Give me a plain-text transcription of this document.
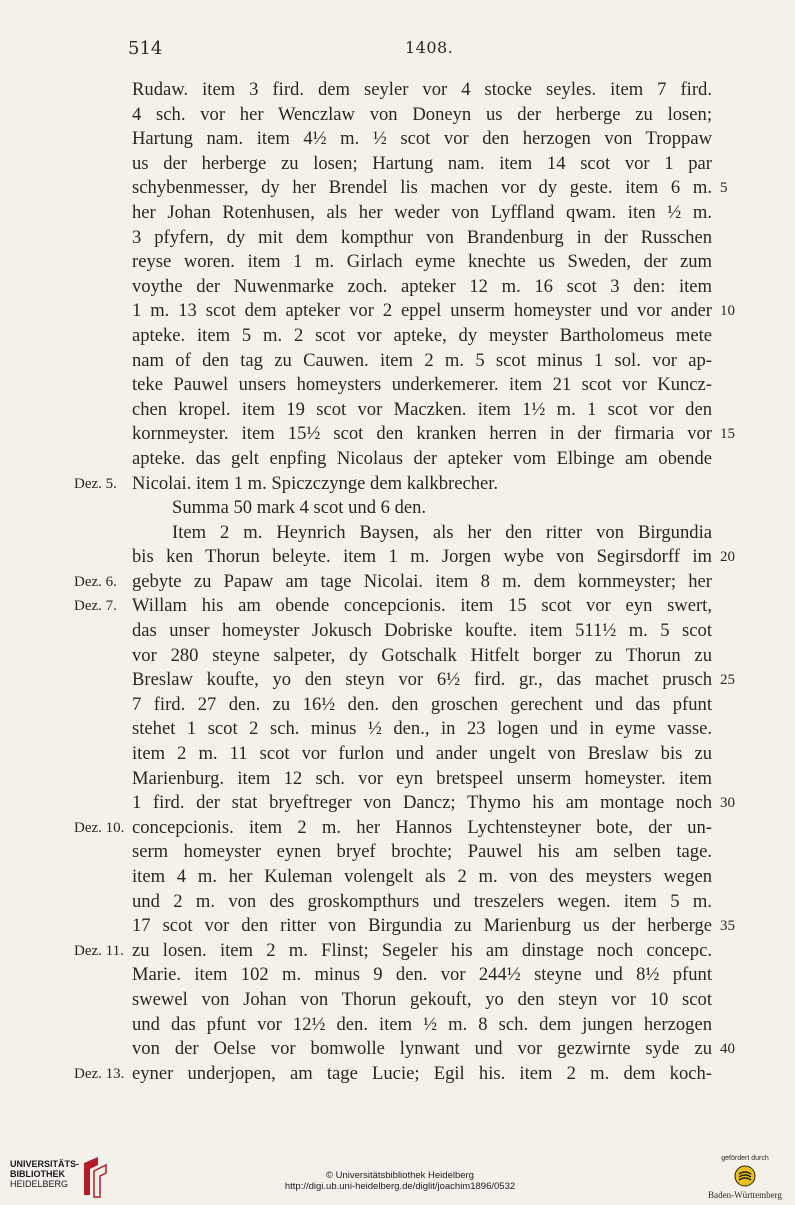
514	1408.
Rudaw. item 3 fird. dem seyler vor 4 stocke seyles. item 7 fird.
4 sch. vor her Wenczlaw von Doneyn us der herberge zu losen;
Hartung nam. item 4½ m. ½ scot vor den herzogen von Troppaw
us der herberge zu losen; Hartung nam. item 14 scot vor 1 par
schybenmesser, dy her Brendel lis machen vor dy geste. item 6 m. 5
her Johan Rotenhusen, als her weder von Lyffland qwam. iten ½ m.
3 pfyfern, dy mit dem kompthur von Brandenburg in der Russchen
reyse woren. item 1 m. Girlach eyme knechte us Sweden, der zum
voythe der Nuwenmarke zoch. apteker 12 m. 16 scot 3 den: item
1 m. 13 scot dem apteker vor 2 eppel unserm homeyster und vor ander 10
apteke. item 5 m. 2 scot vor apteke, dy meyster Bartholomeus mete
nam of den tag zu Cauwen. item 2 m. 5 scot minus 1 sol. vor ap-
teke Pauwel unsers homeysters underkemerer. item 21 scot vor Kuncz-
chen kropel. item 19 scot vor Maczken. item 1½ m. 1 scot vor den
kornmeyster. item 15½ scot den kranken herren in der firmaria vor 15
apteke. das gelt enpfing Nicolaus der apteker vom Elbinge am obende
Dez. 5. Nicolai. item 1 m. Spiczczynge dem kalkbrecher.
Summa 50 mark 4 scot und 6 den.
Item 2 m. Heynrich Baysen, als her den ritter von Birgundia
bis ken Thorun beleyte. item 1 m. Jorgen wybe von Segirsdorff im 20
Dez. 6. gebyte zu Papaw am tage Nicolai. item 8 m. dem kornmeyster; her
Dez. 7. Willam his am obende concepcionis. item 15 scot vor eyn swert,
das unser homeyster Jokusch Dobriske koufte. item 511½ m. 5 scot
vor 280 steyne salpeter, dy Gotschalk Hitfelt borger zu Thorun zu
Breslaw koufte, yo den steyn vor 6½ fird. gr., das machet prusch 25
7 fird. 27 den. zu 16½ den. den groschen gerechent und das pfunt
stehet 1 scot 2 sch. minus ½ den., in 23 logen und in eyme vasse.
item 2 m. 11 scot vor furlon und ander ungelt von Breslaw bis zu
Marienburg. item 12 sch. vor eyn bretspeel unserm homeyster. item
1 fird. der stat bryeftreger von Dancz; Thymo his am montage noch 30
Dez. 10. concepcionis. item 2 m. her Hannos Lychtensteyner bote, der un-
serm homeyster eynen bryef brochte; Pauwel his am selben tage.
item 4 m. her Kuleman volengelt als 2 m. von des meysters wegen
und 2 m. von des groskompthurs und treszelers wegen. item 5 m.
17 scot vor den ritter von Birgundia zu Marienburg us der herberge 35
Dez. 11. zu losen. item 2 m. Flinst; Segeler his am dinstage noch concepc.
Marie. item 102 m. minus 9 den. vor 244½ steyne und 8½ pfunt
swewel von Johan von Thorun gekouft, yo den steyn vor 10 scot
und das pfunt vor 12½ den. item ½ m. 8 sch. dem jungen herzogen
von der Oelse vor bomwolle lynwant und vor gezwirnte syde zu 40
Dez. 13. eyner underjopen, am tage Lucie; Egil his. item 2 m. dem koch-
UNIVERSITÄTS-
BIBLIOTHEK
HEIDELBERG
© Universitätsbibliothek Heidelberg
http://digi.ub.uni-heidelberg.de/diglit/joachim1896/0532
gefördert durch
Baden-Württemberg
